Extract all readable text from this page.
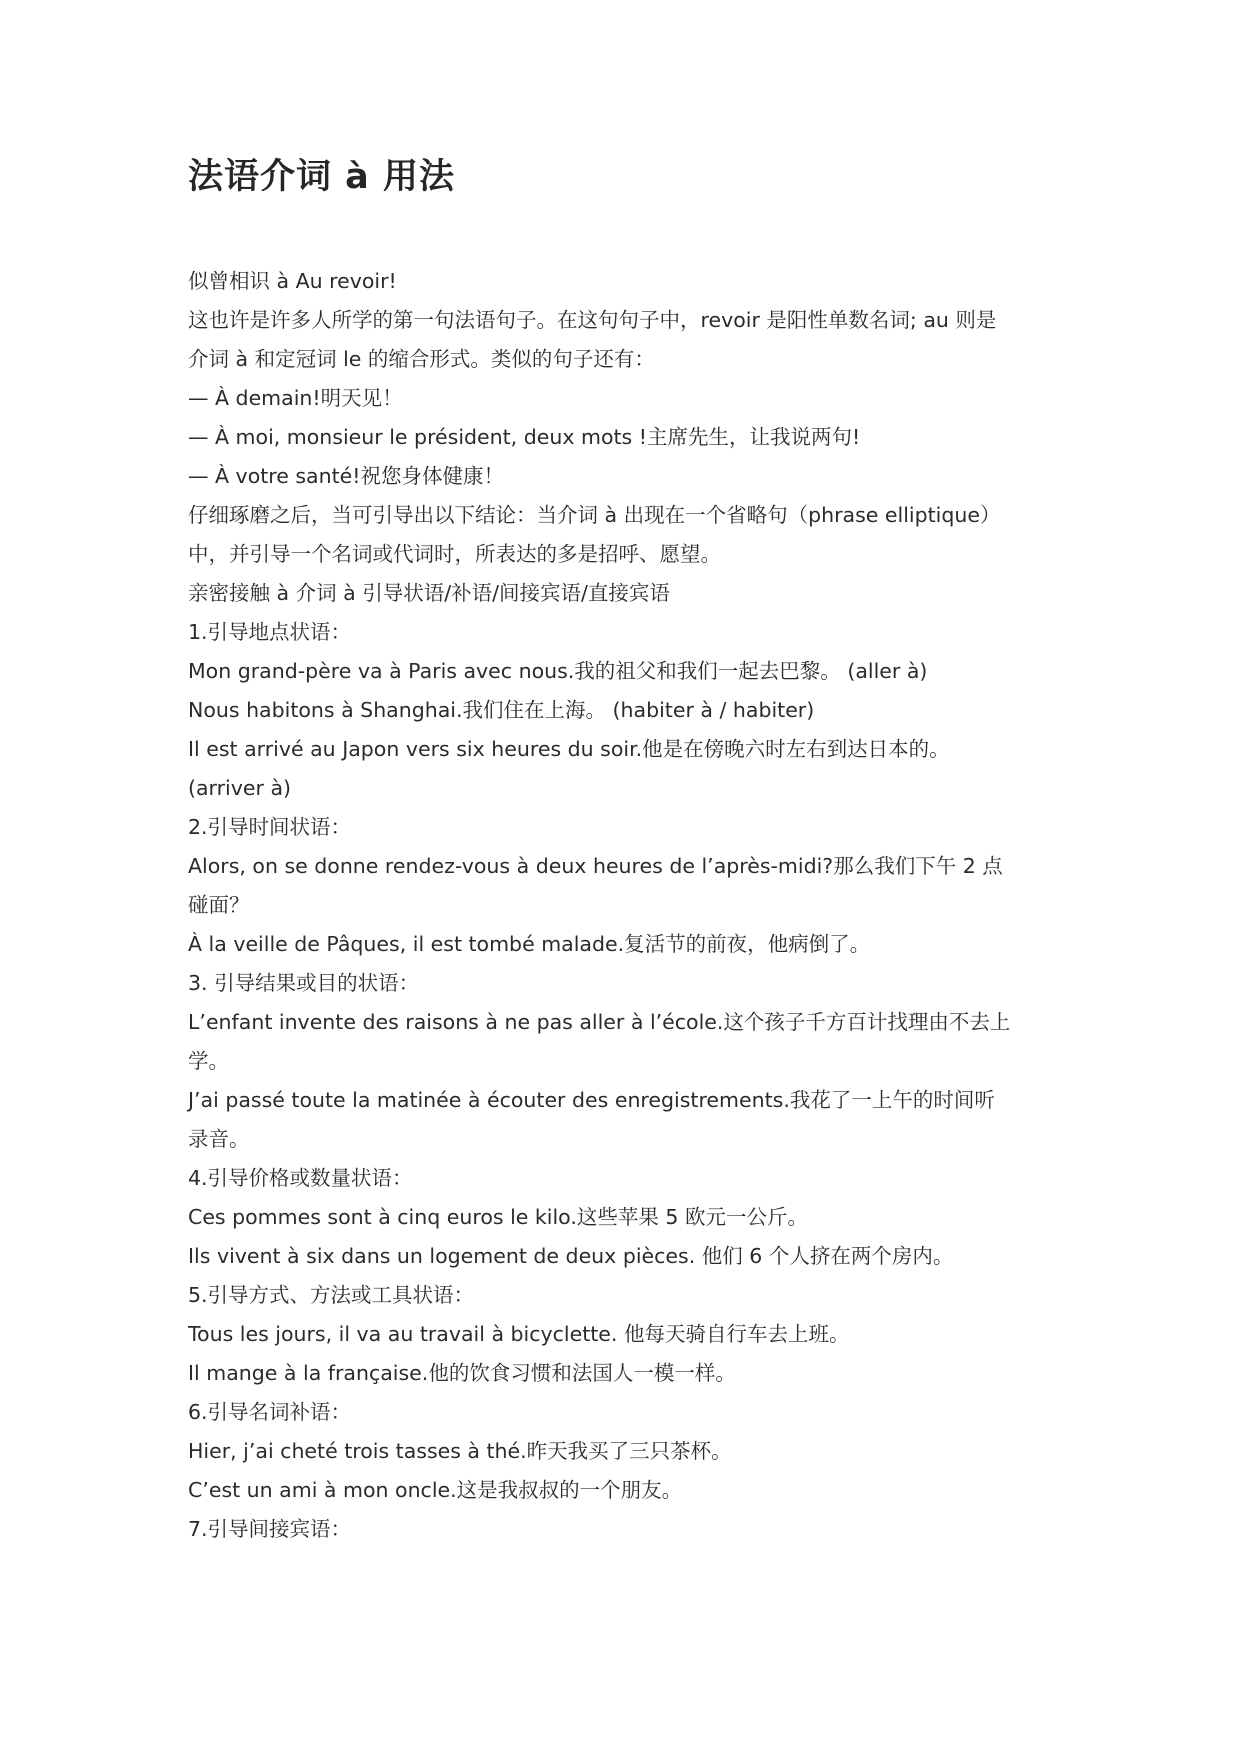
法语介词 à 用法
似曾相识 à Au revoir!
这也许是许多人所学的第一句法语句子。在这句句子中，revoir 是阳性单数名词; au 则是
介词 à 和定冠词 le 的缩合形式。类似的句子还有：
— À demain!明天见！
— À moi, monsieur le président, deux mots !主席先生，让我说两句!
— À votre santé!祝您身体健康！
仔细琢磨之后，当可引导出以下结论：当介词 à 出现在一个省略句（phrase elliptique）
中，并引导一个名词或代词时，所表达的多是招呼、愿望。
亲密接触 à 介词 à 引导状语/补语/间接宾语/直接宾语
1.引导地点状语：
Mon grand-père va à Paris avec nous.我的祖父和我们一起去巴黎。 (aller à)
Nous habitons à Shanghai.我们住在上海。 (habiter à / habiter)
Il est arrivé au Japon vers six heures du soir.他是在傍晚六时左右到达日本的。
(arriver à)
2.引导时间状语：
Alors, on se donne rendez-vous à deux heures de l’après-midi?那么我们下午 2 点
碰面？
À la veille de Pâques, il est tombé malade.复活节的前夜，他病倒了。
3. 引导结果或目的状语：
L’enfant invente des raisons à ne pas aller à l’école.这个孩子千方百计找理由不去上
学。
J’ai passé toute la matinée à écouter des enregistrements.我花了一上午的时间听
录音。
4.引导价格或数量状语：
Ces pommes sont à cinq euros le kilo.这些苹果 5 欧元一公斤。
Ils vivent à six dans un logement de deux pièces. 他们 6 个人挤在两个房内。
5.引导方式、方法或工具状语：
Tous les jours, il va au travail à bicyclette. 他每天骑自行车去上班。
Il mange à la française.他的饮食习惯和法国人一模一样。
6.引导名词补语：
Hier, j’ai cheté trois tasses à thé.昨天我买了三只茶杯。
C’est un ami à mon oncle.这是我叔叔的一个朋友。
7.引导间接宾语：
